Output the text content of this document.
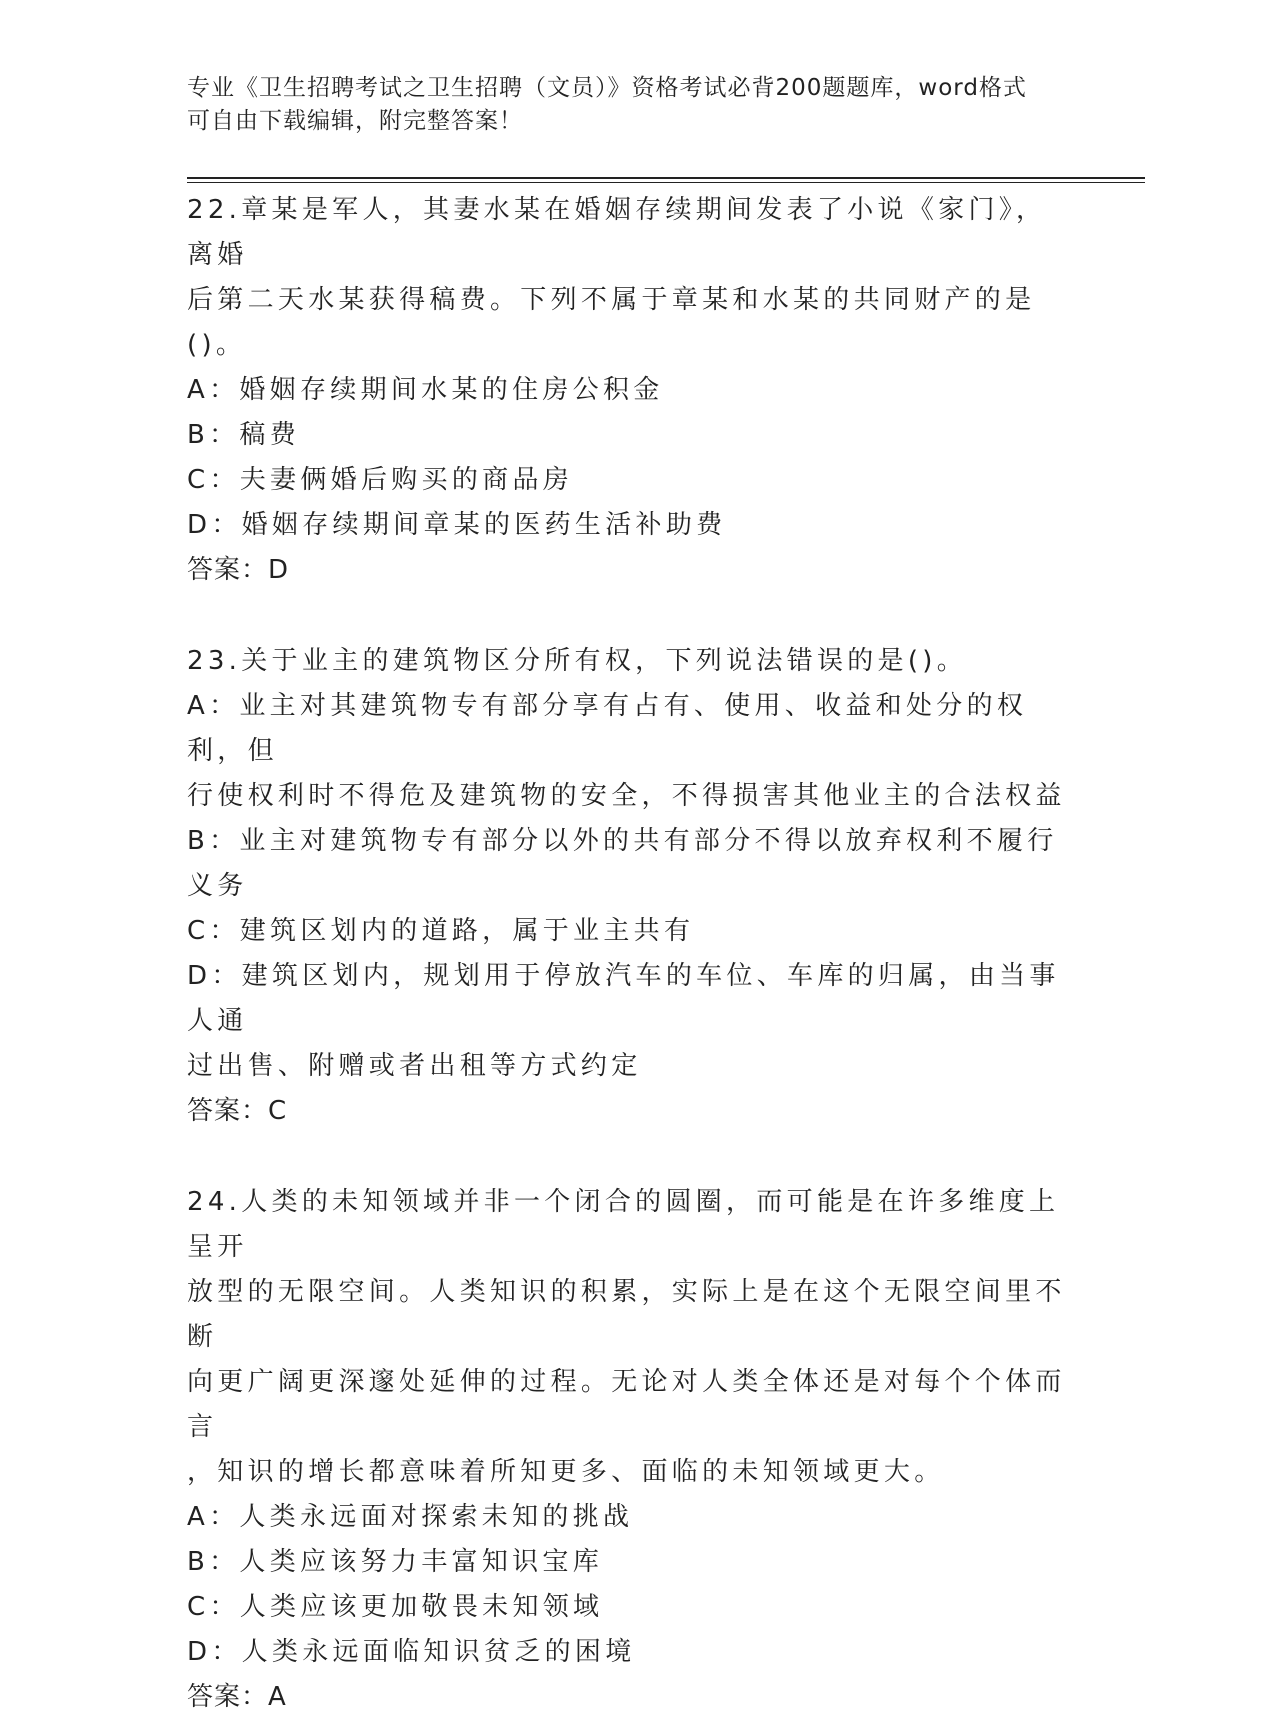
专业《卫生招聘考试之卫生招聘（文员）》资格考试必背200题题库，word格式
可自由下载编辑，附完整答案！
22.章某是军人，其妻水某在婚姻存续期间发表了小说《家门》，离婚
后第二天水某获得稿费。下列不属于章某和水某的共同财产的是()。
A：婚姻存续期间水某的住房公积金
B：稿费
C：夫妻俩婚后购买的商品房
D：婚姻存续期间章某的医药生活补助费
答案：D
23.关于业主的建筑物区分所有权，下列说法错误的是()。
A：业主对其建筑物专有部分享有占有、使用、收益和处分的权利，但
行使权利时不得危及建筑物的安全，不得损害其他业主的合法权益
B：业主对建筑物专有部分以外的共有部分不得以放弃权利不履行义务
C：建筑区划内的道路，属于业主共有
D：建筑区划内，规划用于停放汽车的车位、车库的归属，由当事人通
过出售、附赠或者出租等方式约定
答案：C
24.人类的未知领域并非一个闭合的圆圈，而可能是在许多维度上呈开
放型的无限空间。人类知识的积累，实际上是在这个无限空间里不断
向更广阔更深邃处延伸的过程。无论对人类全体还是对每个个体而言
，知识的增长都意味着所知更多、面临的未知领域更大。
A：人类永远面对探索未知的挑战
B：人类应该努力丰富知识宝库
C：人类应该更加敬畏未知领域
D：人类永远面临知识贫乏的困境
答案：A
